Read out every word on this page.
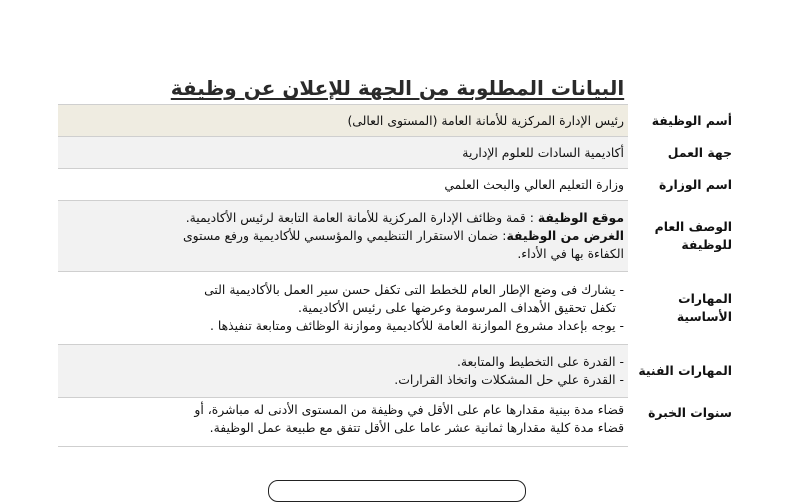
البيانات المطلوبة من الجهة للإعلان عن وظيفة
أسم الوظيفة	رئيس الإدارة المركزية للأمانة العامة (المستوى العالى)
جهة العمل	أكاديمية السادات للعلوم الإدارية
اسم الوزارة	وزارة التعليم العالي والبحث العلمي
الوصف العام للوظيفة	موقع الوظيفة : قمة وظائف الإدارة المركزية للأمانة العامة التابعة لرئيس الأكاديمية.
الغرض من الوظيفة: ضمان الاستقرار التنظيمي والمؤسسي للأكاديمية ورفع مستوى
الكفاءة بها في الأداء.

المهارات الأساسية	- يشارك فى وضع الإطار العام للخطط التى تكفل حسن سير العمل بالأكاديمية التى
تكفل تحقيق الأهداف المرسومة وعرضها على رئيس الأكاديمية.
- يوجه بإعداد مشروع الموازنة العامة للأكاديمية وموازنة الوظائف ومتابعة تنفيذها .

المهارات الفنية	- القدرة على التخطيط والمتابعة.
- القدرة علي حل المشكلات واتخاذ القرارات.

سنوات الخبرة	قضاء مدة بينية مقدارها عام على الأقل في وظيفة من المستوى الأدنى له مباشرة، أو
قضاء مدة كلية مقدارها ثمانية عشر عاما على الأقل تتفق مع طبيعة عمل الوظيفة.
